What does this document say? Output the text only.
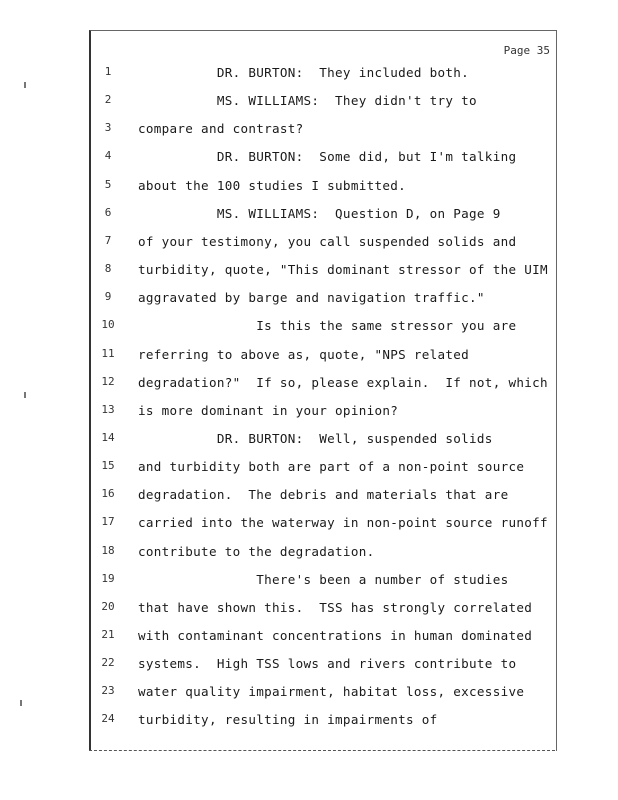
Page 35
1	DR. BURTON:  They included both.
2	MS. WILLIAMS:  They didn't try to
3	compare and contrast?
4	DR. BURTON:  Some did, but I'm talking
5	about the 100 studies I submitted.
6	MS. WILLIAMS:  Question D, on Page 9
7	of your testimony, you call suspended solids and
8	turbidity, quote, "This dominant stressor of the UIM
9	aggravated by barge and navigation traffic."
10	Is this the same stressor you are
11	referring to above as, quote, "NPS related
12	degradation?"  If so, please explain.  If not, which
13	is more dominant in your opinion?
14	DR. BURTON:  Well, suspended solids
15	and turbidity both are part of a non-point source
16	degradation.  The debris and materials that are
17	carried into the waterway in non-point source runoff
18	contribute to the degradation.
19	There's been a number of studies
20	that have shown this.  TSS has strongly correlated
21	with contaminant concentrations in human dominated
22	systems.  High TSS lows and rivers contribute to
23	water quality impairment, habitat loss, excessive
24	turbidity, resulting in impairments of
